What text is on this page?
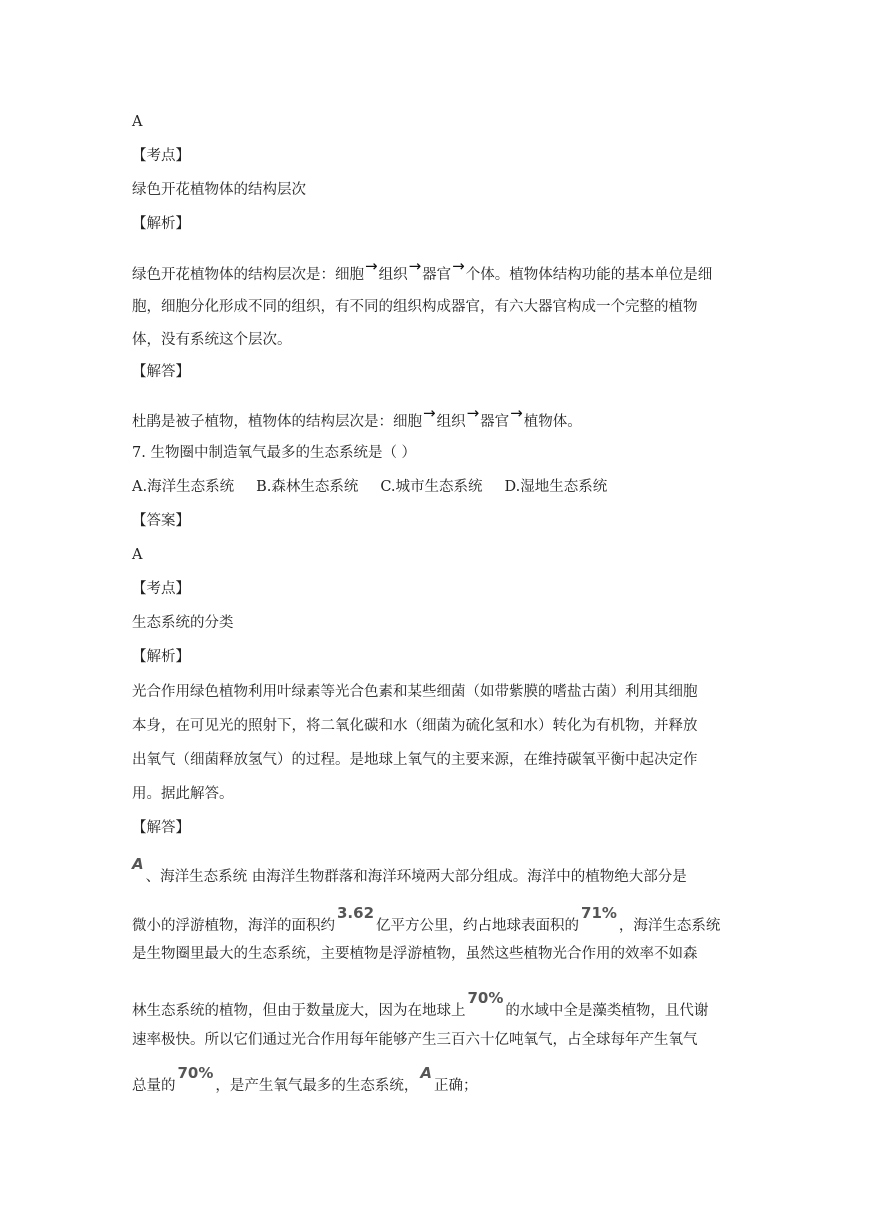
A
【考点】
绿色开花植物体的结构层次
【解析】
绿色开花植物体的结构层次是：细胞→组织→器官→个体。植物体结构功能的基本单位是细
胞，细胞分化形成不同的组织，有不同的组织构成器官，有六大器官构成一个完整的植物
体，没有系统这个层次。
【解答】
杜鹃是被子植物，植物体的结构层次是：细胞→组织→器官→植物体。
7. 生物圈中制造氧气最多的生态系统是（ ）
A.海洋生态系统 B.森林生态系统 C.城市生态系统 D.湿地生态系统
【答案】
A
【考点】
生态系统的分类
【解析】
光合作用绿色植物利用叶绿素等光合色素和某些细菌（如带紫膜的嗜盐古菌）利用其细胞
本身，在可见光的照射下，将二氧化碳和水（细菌为硫化氢和水）转化为有机物，并释放
出氧气（细菌释放氢气）的过程。是地球上氧气的主要来源，在维持碳氧平衡中起决定作
用。据此解答。
【解答】
A、海洋生态系统 由海洋生物群落和海洋环境两大部分组成。海洋中的植物绝大部分是
微小的浮游植物，海洋的面积约3.62亿平方公里，约占地球表面积的71%，海洋生态系统
是生物圈里最大的生态系统，主要植物是浮游植物，虽然这些植物光合作用的效率不如森
林生态系统的植物，但由于数量庞大，因为在地球上70%的水域中全是藻类植物，且代谢
速率极快。所以它们通过光合作用每年能够产生三百六十亿吨氧气，占全球每年产生氧气
总量的70%，是产生氧气最多的生态系统，A正确；
